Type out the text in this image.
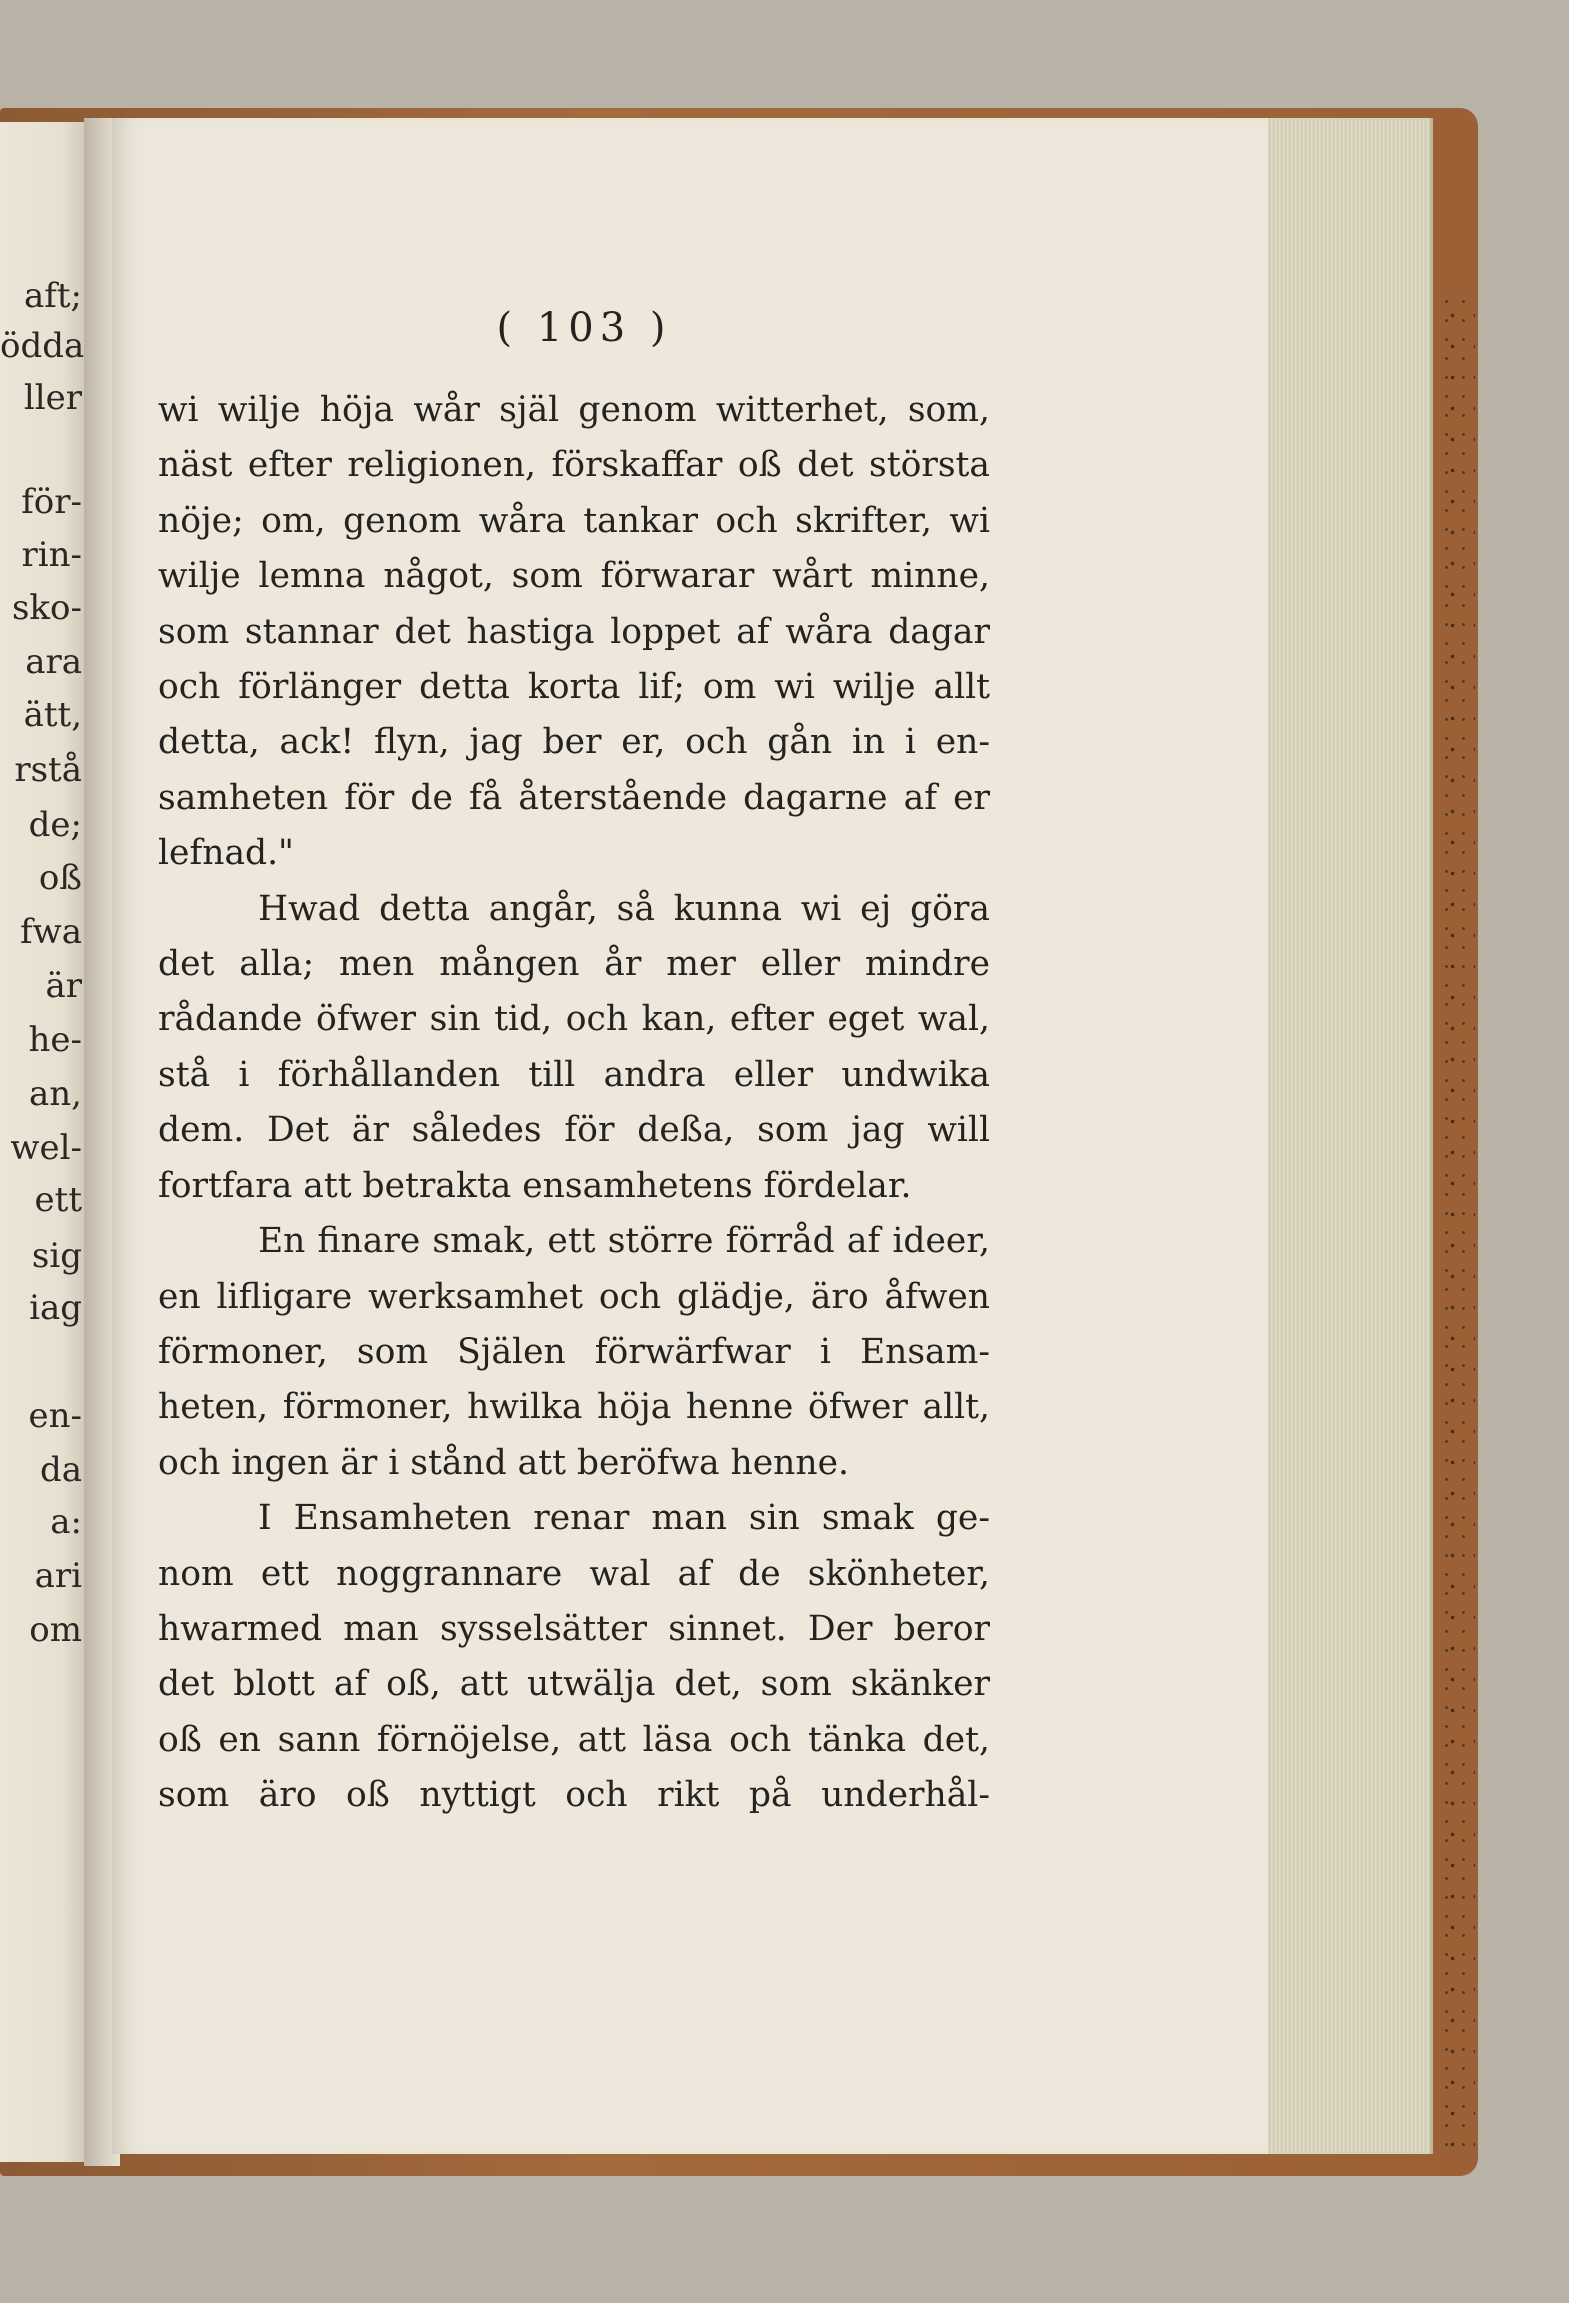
aft;
ödda
ller
för-
rin-
sko-
ara
ätt,
rstå
de;
oß
fwa
är
he-
an,
wel-
ett
sig
iag
en-
da
a:
ari
om
( 103 )
wi wilje höja wår själ genom witterhet, som,
näst efter religionen, förskaffar oß det största
nöje; om, genom wåra tankar och skrifter, wi
wilje lemna något, som förwarar wårt minne,
som stannar det hastiga loppet af wåra dagar
och förlänger detta korta lif; om wi wilje allt
detta, ack! flyn, jag ber er, och gån in i en-
samheten för de få återstående dagarne af er
lefnad."
Hwad detta angår, så kunna wi ej göra
det alla; men mången år mer eller mindre
rådande öfwer sin tid, och kan, efter eget wal,
stå i förhållanden till andra eller undwika
dem. Det är således för deßa, som jag will
fortfara att betrakta ensamhetens fördelar.
En finare smak, ett större förråd af ideer,
en lifligare werksamhet och glädje, äro åfwen
förmoner, som Själen förwärfwar i Ensam-
heten, förmoner, hwilka höja henne öfwer allt,
och ingen är i stånd att beröfwa henne.
I Ensamheten renar man sin smak ge-
nom ett noggrannare wal af de skönheter,
hwarmed man sysselsätter sinnet. Der beror
det blott af oß, att utwälja det, som skänker
oß en sann förnöjelse, att läsa och tänka det,
som äro oß nyttigt och rikt på underhål-
